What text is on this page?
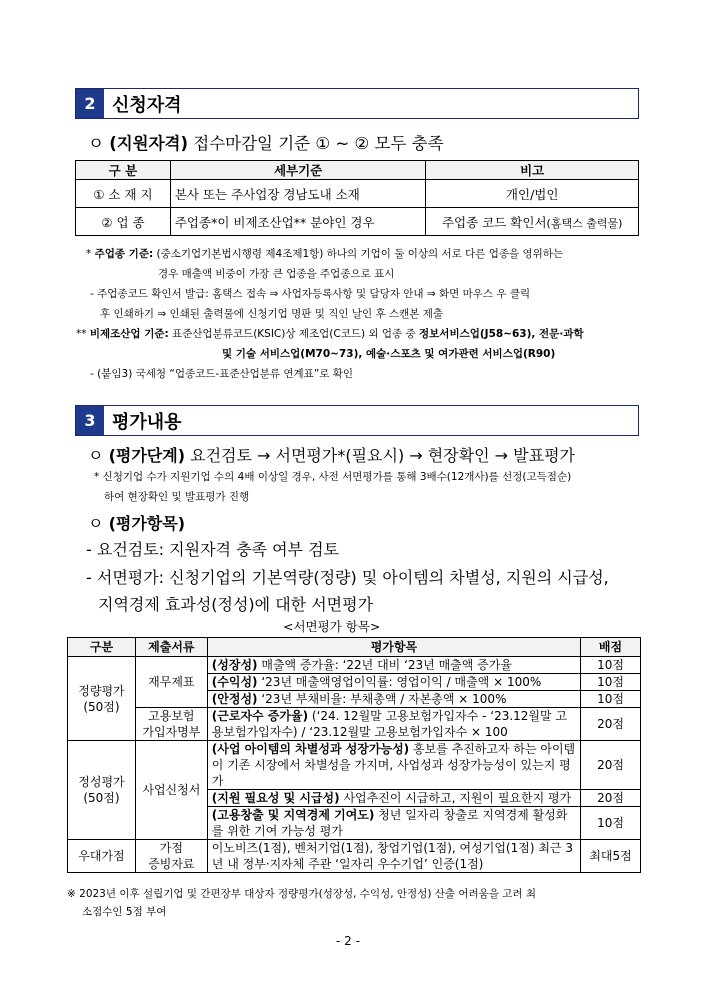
2 신청자격
ㅇ (지원자격) 접수마감일 기준 ① ~ ② 모두 충족
구 분	세부기준	비고
① 소 재 지	본사 또는 주사업장 경남도내 소재	개인/법인
② 업 종	주업종*이 비제조산업** 분야인 경우	주업종 코드 확인서(홈택스 출력물)
* 주업종 기준: (중소기업기본법시행령 제4조제1항) 하나의 기업이 둘 이상의 서로 다른 업종을 영위하는
경우 매출액 비중이 가장 큰 업종을 주업종으로 표시
- 주업종코드 확인서 발급: 홈택스 접속 ⇒ 사업자등록사항 및 담당자 안내 ⇒ 화면 마우스 우 클릭
후 인쇄하기 ⇒ 인쇄된 출력물에 신청기업 명판 및 직인 날인 후 스캔본 제출
** 비제조산업 기준: 표준산업분류코드(KSIC)상 제조업(C코드) 외 업종 중 정보서비스업(J58~63), 전문·과학
및 기술 서비스업(M70~73), 예술·스포츠 및 여가관련 서비스업(R90)
- (붙임3) 국세청 “업종코드-표준산업분류 연계표”로 확인
3 평가내용
ㅇ (평가단계) 요건검토 → 서면평가*(필요시) → 현장확인 → 발표평가
* 신청기업 수가 지원기업 수의 4배 이상일 경우, 사전 서면평가를 통해 3배수(12개사)를 선정(고득점순)
하여 현장확인 및 발표평가 진행
ㅇ (평가항목)
- 요건검토: 지원자격 충족 여부 검토
- 서면평가: 신청기업의 기본역량(정량) 및 아이템의 차별성, 지원의 시급성,
지역경제 효과성(정성)에 대한 서면평가
<서면평가 항목>
구분	제출서류	평가항목	배점
정량평가
(50점)	재무제표	(성장성) 매출액 증가율: ‘22년 대비 ‘23년 매출액 증가율	10점
		(수익성) ‘23년 매출액영업이익률: 영업이익 / 매출액 × 100%	10점
		(안정성) ‘23년 부채비율: 부채총액 / 자본총액 × 100%	10점
	고용보험
가입자명부	(근로자수 증가율) (‘24. 12월말 고용보험가입자수 - ‘23.12월말 고용보험가입자수) / ‘23.12월말 고용보험가입자수 × 100	20점
정성평가
(50점)	사업신청서	(사업 아이템의 차별성과 성장가능성) 홍보를 추진하고자 하는 아이템이 기존 시장에서 차별성을 가지며, 사업성과 성장가능성이 있는지 평가	20점
		(지원 필요성 및 시급성) 사업추진이 시급하고, 지원이 필요한지 평가	20점
		(고용창출 및 지역경제 기여도) 청년 일자리 창출로 지역경제 활성화를 위한 기여 가능성 평가	10점
우대가점	가점
증빙자료	이노비즈(1점), 벤처기업(1점), 창업기업(1점), 여성기업(1점) 최근 3년 내 정부·지자체 주관 ‘일자리 우수기업’ 인증(1점)	최대5점
※ 2023년 이후 설립기업 및 간편장부 대상자 정량평가(성장성, 수익성, 안정성) 산출 어려움을 고려 최
소점수인 5점 부여
- 2 -
